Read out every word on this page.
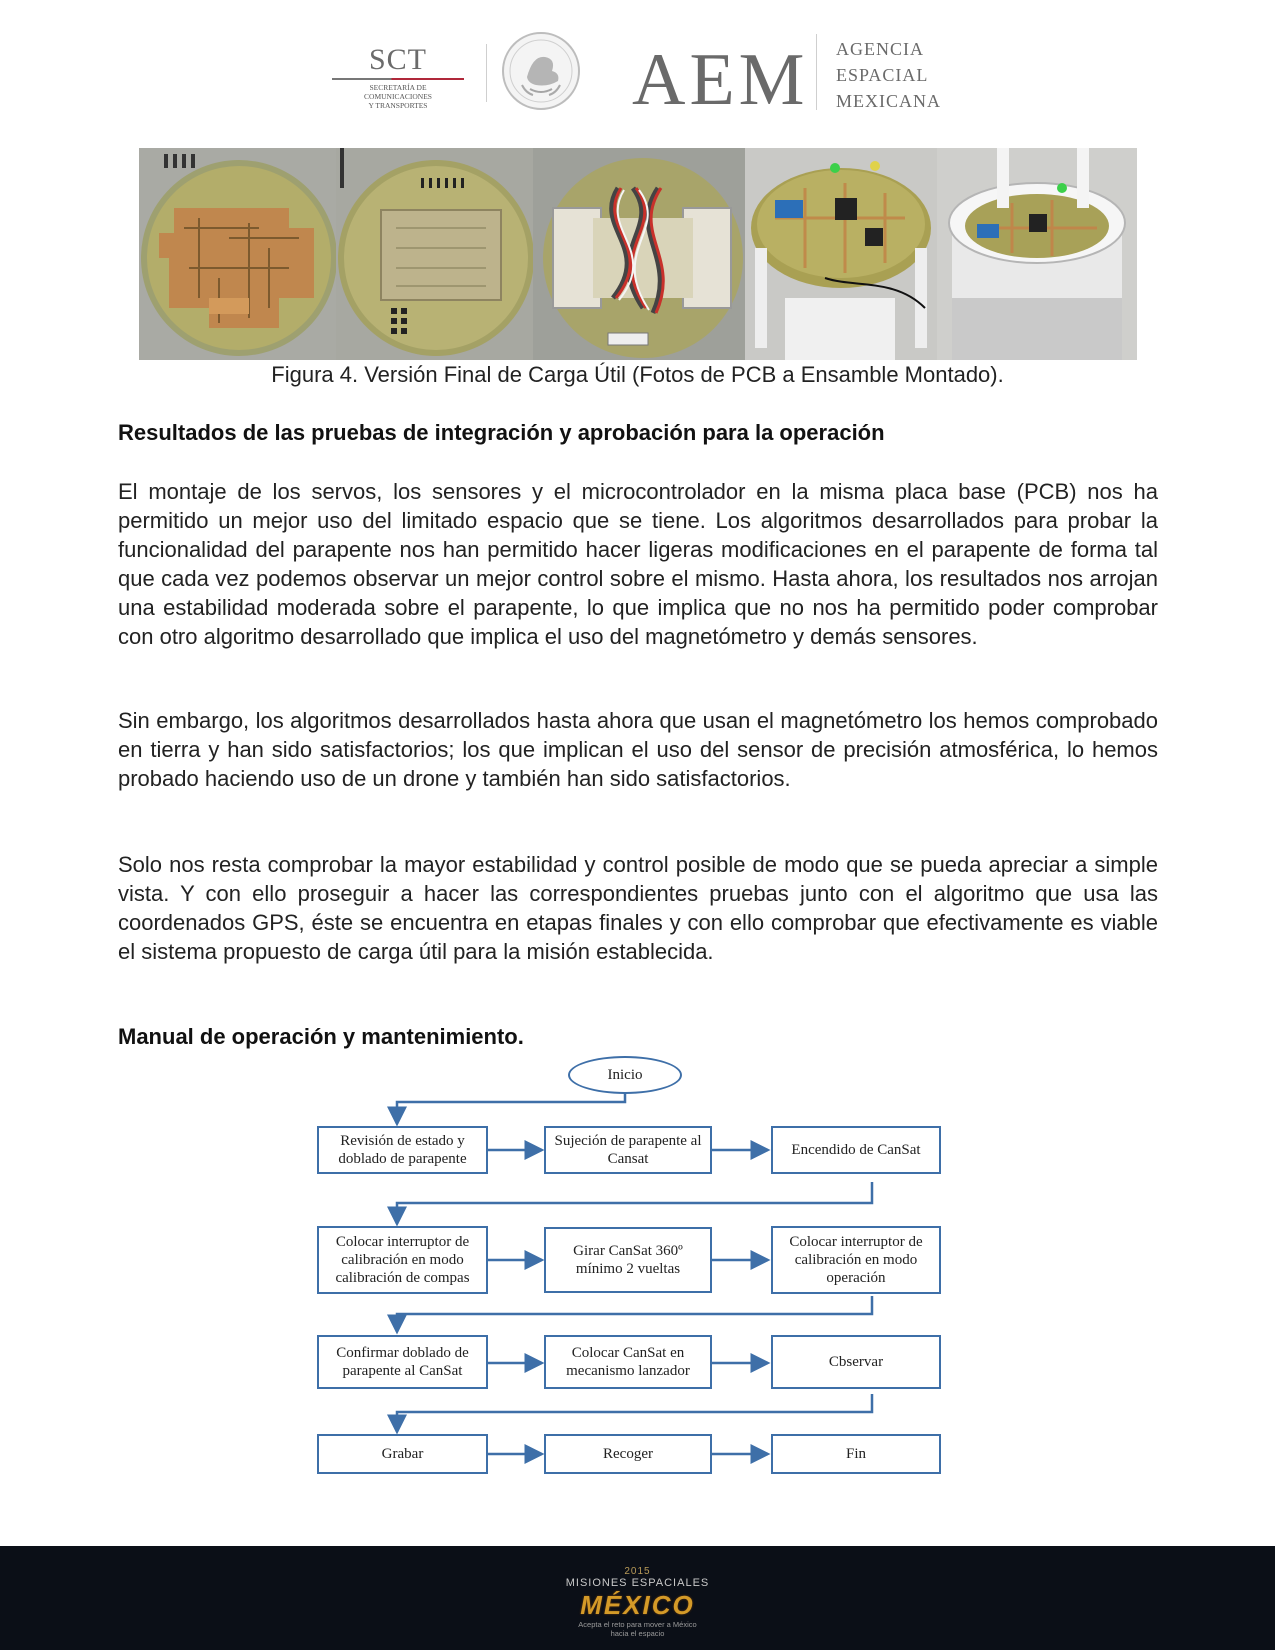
SCT
SECRETARÍA DE
COMUNICACIONES
Y TRANSPORTES	AEM AGENCIA
ESPACIAL
MEXICANA
Figura 4. Versión Final de Carga Útil (Fotos de PCB a Ensamble Montado).
Resultados de las pruebas de integración y aprobación para la operación
El montaje de los servos, los sensores y el microcontrolador en la misma placa base (PCB) nos ha permitido un mejor uso del limitado espacio que se tiene. Los algoritmos desarrollados para probar la funcionalidad del parapente nos han permitido hacer ligeras modificaciones en el parapente de forma tal que cada vez podemos observar un mejor control sobre el mismo. Hasta ahora, los resultados nos arrojan una estabilidad moderada sobre el parapente, lo que implica que no nos ha permitido poder comprobar con otro algoritmo desarrollado que implica el uso del magnetómetro y demás sensores.
Sin embargo, los algoritmos desarrollados hasta ahora que usan el magnetómetro los hemos comprobado en tierra y han sido satisfactorios; los que implican el uso del sensor de precisión atmosférica, lo hemos probado haciendo uso de un drone y también han sido satisfactorios.
Solo nos resta comprobar la mayor estabilidad y control posible de modo que se pueda apreciar a simple vista. Y con ello proseguir a hacer las correspondientes pruebas junto con el algoritmo que usa las coordenados GPS, éste se encuentra en etapas finales y con ello comprobar que efectivamente es viable el sistema propuesto de carga útil para la misión establecida.
Manual de operación y mantenimiento.
Inicio
Revisión de estado y doblado de parapente
Sujeción de parapente al Cansat
Encendido de CanSat
Colocar interruptor de calibración en modo calibración de compas
Girar CanSat 360º mínimo 2 vueltas
Colocar interruptor de calibración en modo operación
Confirmar doblado de parapente al CanSat
Colocar CanSat en mecanismo lanzador
Cbservar
Grabar	Recoger	Fin
2015
MISIONES ESPACIALES
MÉXICO
Acepta el reto para mover a México
hacia el espacio
